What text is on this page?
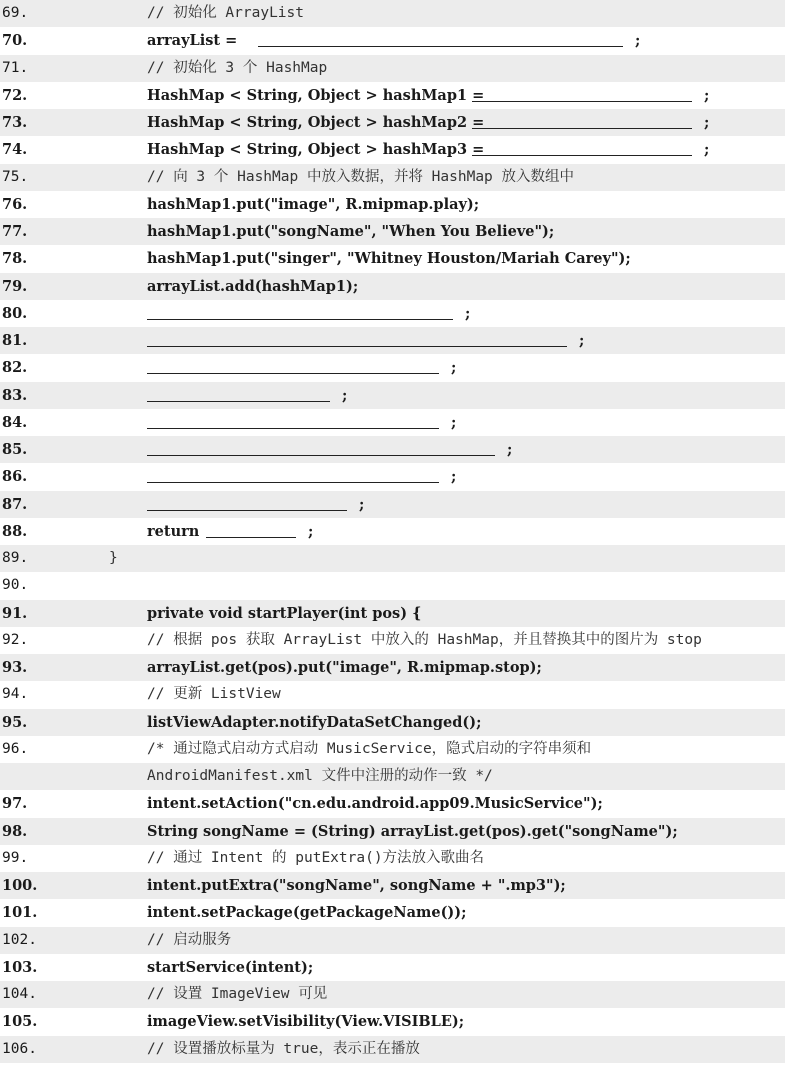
69.	// 初始化 ArrayList
70.	arrayList =	;
71.	// 初始化 3 个 HashMap
72.	HashMap < String, Object > hashMap1 =	;
73.	HashMap < String, Object > hashMap2 =	;
74.	HashMap < String, Object > hashMap3 =	;
75.	// 向 3 个 HashMap 中放入数据，并将 HashMap 放入数组中
76.	hashMap1.put("image", R.mipmap.play);
77.	hashMap1.put("songName", "When You Believe");
78.	hashMap1.put("singer", "Whitney Houston/Mariah Carey");
79.	arrayList.add(hashMap1);
80.	;
81.	;
82.	;
83.	;
84.	;
85.	;
86.	;
87.	;
88.	return	;
89.	}
90.
91.	private void startPlayer(int pos) {
92.	// 根据 pos 获取 ArrayList 中放入的 HashMap，并且替换其中的图片为 stop
93.	arrayList.get(pos).put("image", R.mipmap.stop);
94.	// 更新 ListView
95.	listViewAdapter.notifyDataSetChanged();
96.	/* 通过隐式启动方式启动 MusicService，隐式启动的字符串须和
AndroidManifest.xml 文件中注册的动作一致 */
97.	intent.setAction("cn.edu.android.app09.MusicService");
98.	String songName = (String) arrayList.get(pos).get("songName");
99.	// 通过 Intent 的 putExtra()方法放入歌曲名
100.	intent.putExtra("songName", songName + ".mp3");
101.	intent.setPackage(getPackageName());
102.	// 启动服务
103.	startService(intent);
104.	// 设置 ImageView 可见
105.	imageView.setVisibility(View.VISIBLE);
106.	// 设置播放标量为 true，表示正在播放
